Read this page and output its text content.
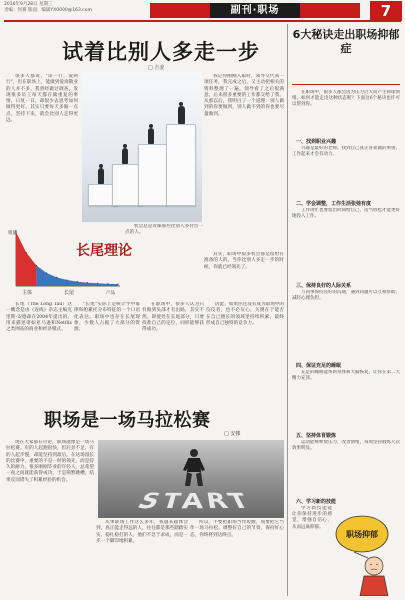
2016年9月28日 星期三
责编：何赛 版面：编辑YX0000@163.com	副刊·职场	7
试着比别人多走一步
□ 吉姜
很多人都说，"读一行，爱两行"，但在职场上，能做到爱岗敬业的人并不多。我曾经做过调查，发现很多员工每天都在做重复的事情，日复一日，却很少去思考如何做得更好。其实只要每天多做一点点，坚持下来，就会比别人走得更远。
我记得刚刚入职时，领导交代我一项任务，我完成之后，又主动把相关的资料整理了一遍。领导看了之后很满意，后来很多重要的工作都交给了我。从那以后，我明白了一个道理：别人做到的你要做到，别人做不到的你也要尽量做到。
其实，职场中很多机会都是留给有准备的人的。当你比别人多走一步的时候，你就已经领先了。
机会总是青睐那些比别人多付出一点的人。
销量
主体	长尾	产品
长尾理论
长尾（The Long Tail）这一概念是由《连线》杂志主编克里斯·安德森在2004年提出的，用来描述诸如亚马逊和Netflix之类网站的商业和经济模式。
"长尾"实际上是统计学中幂律和帕累托分布特征的一个口语化表达。职场中也存在长尾现象，少数人占据了大部分的资源。
在职场中，很多人认为只有做到头部才有出路，其实不然。即使处在长尾部分，只要找准自己的定位，同样能够获得成功。
因此，如果你还没有成为职场中的佼佼者，也不必灰心。关键在于能否在自己擅长的领域里持续积累，最终形成自己独特的竞争力。
职场是一场马拉松赛
□ 安娜
现在大家都在讨论，职场就像是一场马拉松赛。有的人起跑很快，但后劲不足；有的人起步慢，却能坚持到最后。在这场漫长的比赛中，重要的不是一时的领先，而是持久的耐力。很多刚刚毕业的年轻人，总希望一夜之间就能获得成功，于是频繁跳槽，结果反而错失了积累经验的机会。
START
从事职场工作这么多年，我越来越体会到，真正能走得远的人，往往都是那些踏踏实实、稳扎稳打的人。他们不急于求成，而是一步一个脚印地积累。
所以，不要把职场当作短跑，而要把它当作一场马拉松。调整好自己的节奏，保持好心态，你终将到达终点。
6大秘诀走出职场抑郁症
在职场中，很多人都会因为压力过大而产生抑郁情绪。如何才能走出这种状态呢？下面这6个秘诀也许可以帮到你。
一、找到职业兴趣
兴趣是最好的老师。找到自己真正喜欢做的事情，工作起来才会有动力。
二、学会调整，工作生活张弛有度
工作再忙也要留出时间给自己，适当放松才能更好地投入工作。
三、保持良好的人际关系
与同事保持良好的沟通，遇到问题可以互相帮助，减轻心理负担。
四、保证充足的睡眠
充足的睡眠能帮助身体和大脑恢复，让你在第二天精力充沛。
五、坚持体育锻炼
运动能够释放压力，改善情绪，每周坚持锻炼几次效果明显。
六、学习新的技能
学习新技能能让你保持进步的感觉，增强自信心，从而远离抑郁。
职场抑郁
